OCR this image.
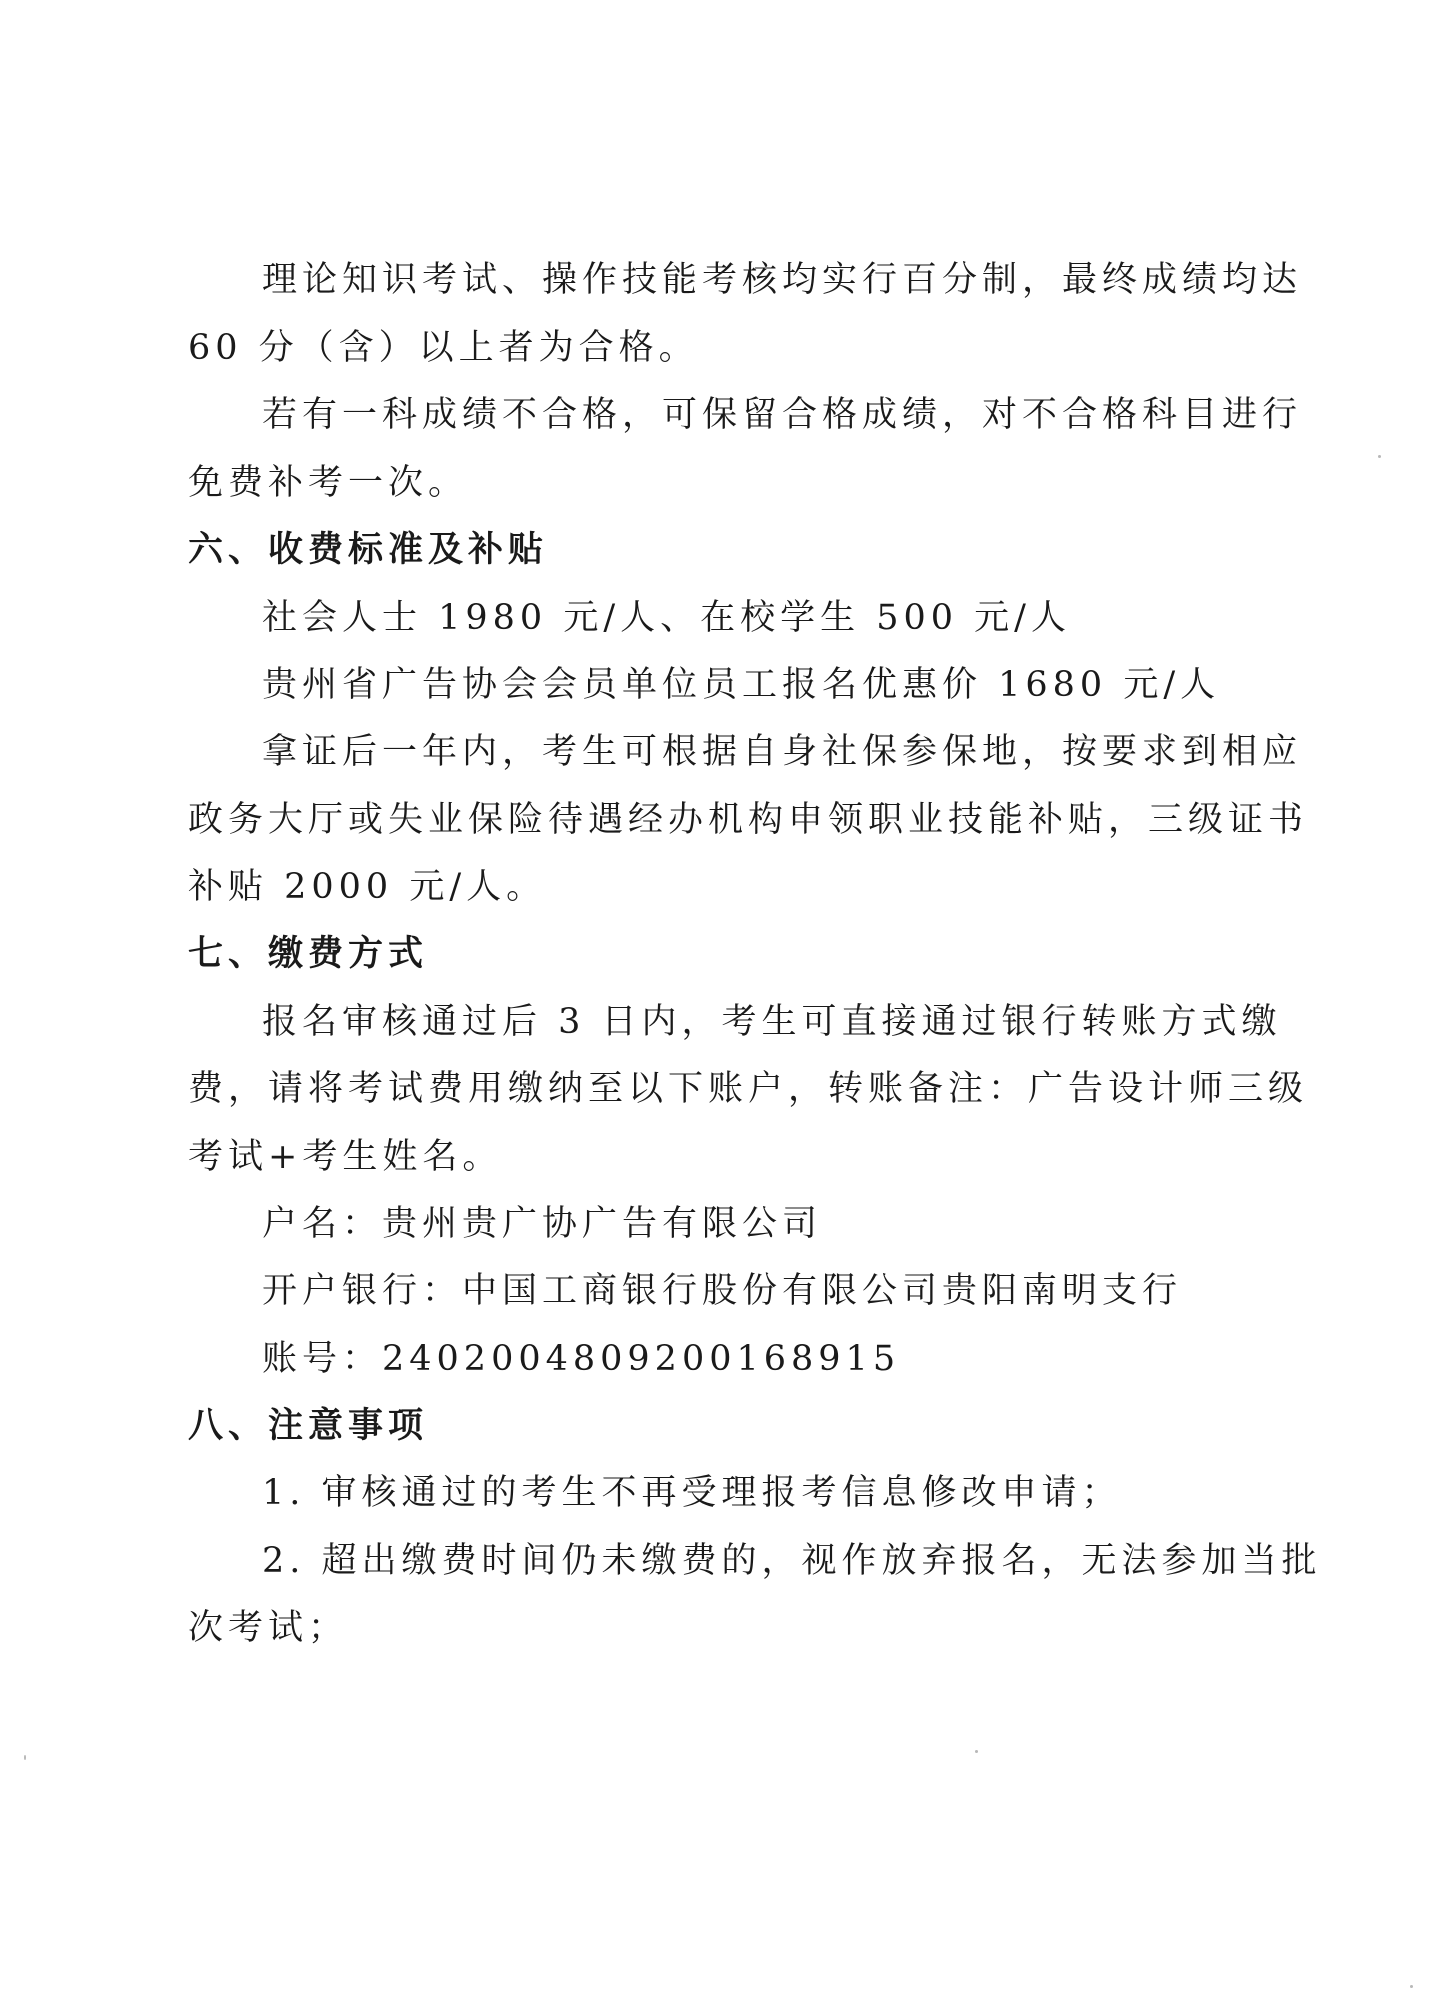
理论知识考试、操作技能考核均实行百分制，最终成绩均达
60 分（含）以上者为合格。
若有一科成绩不合格，可保留合格成绩，对不合格科目进行
免费补考一次。
六、收费标准及补贴
社会人士 1980 元/人、在校学生 500 元/人
贵州省广告协会会员单位员工报名优惠价 1680 元/人
拿证后一年内，考生可根据自身社保参保地，按要求到相应
政务大厅或失业保险待遇经办机构申领职业技能补贴，三级证书
补贴 2000 元/人。
七、缴费方式
报名审核通过后 3 日内，考生可直接通过银行转账方式缴
费，请将考试费用缴纳至以下账户，转账备注：广告设计师三级
考试+考生姓名。
户名：贵州贵广协广告有限公司
开户银行：中国工商银行股份有限公司贵阳南明支行
账号：2402004809200168915
八、注意事项
1. 审核通过的考生不再受理报考信息修改申请；
2. 超出缴费时间仍未缴费的，视作放弃报名，无法参加当批
次考试；
